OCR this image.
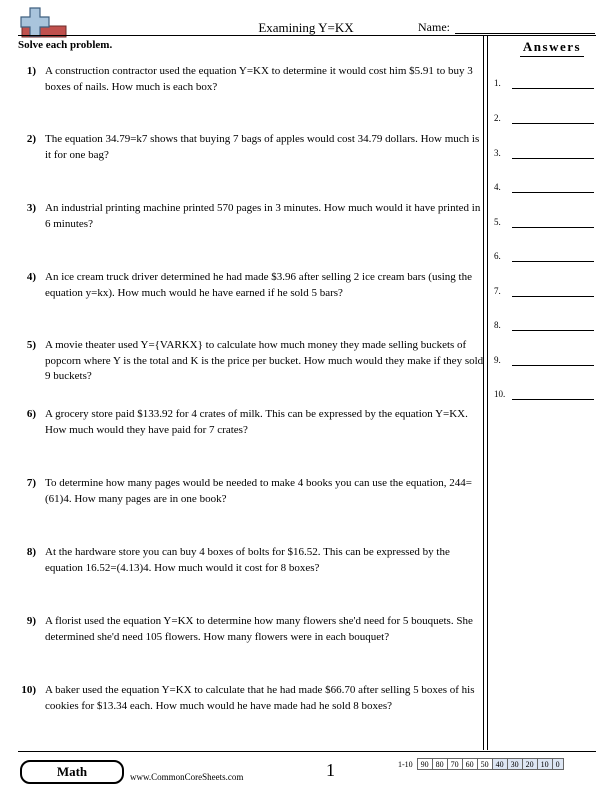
Examining Y=KX	Name:
Solve each problem.	Answers
1) A construction contractor used the equation Y=KX to determine it would cost him $5.91 to buy 3 boxes of nails. How much is each box?
2) The equation 34.79=k7 shows that buying 7 bags of apples would cost 34.79 dollars. How much is it for one bag?
3) An industrial printing machine printed 570 pages in 3 minutes. How much would it have printed in 6 minutes?
4) An ice cream truck driver determined he had made $3.96 after selling 2 ice cream bars (using the equation y=kx). How much would he have earned if he sold 5 bars?
5) A movie theater used Y={VARKX} to calculate how much money they made selling buckets of popcorn where Y is the total and K is the price per bucket. How much would they make if they sold 9 buckets?
6) A grocery store paid $133.92 for 4 crates of milk. This can be expressed by the equation Y=KX. How much would they have paid for 7 crates?
7) To determine how many pages would be needed to make 4 books you can use the equation, 244=(61)4. How many pages are in one book?
8) At the hardware store you can buy 4 boxes of bolts for $16.52. This can be expressed by the equation 16.52=(4.13)4. How much would it cost for 8 boxes?
9) A florist used the equation Y=KX to determine how many flowers she'd need for 5 bouquets. She determined she'd need 105 flowers. How many flowers were in each bouquet?
10) A baker used the equation Y=KX to calculate that he had made $66.70 after selling 5 boxes of his cookies for $13.34 each. How much would he have made had he sold 8 boxes?
1.
2.
3.
4.
5.
6.
7.
8.
9.
10.
Math	www.CommonCoreSheets.com	1	1-10	90	80	70	60	50	40	30	20	10	0
